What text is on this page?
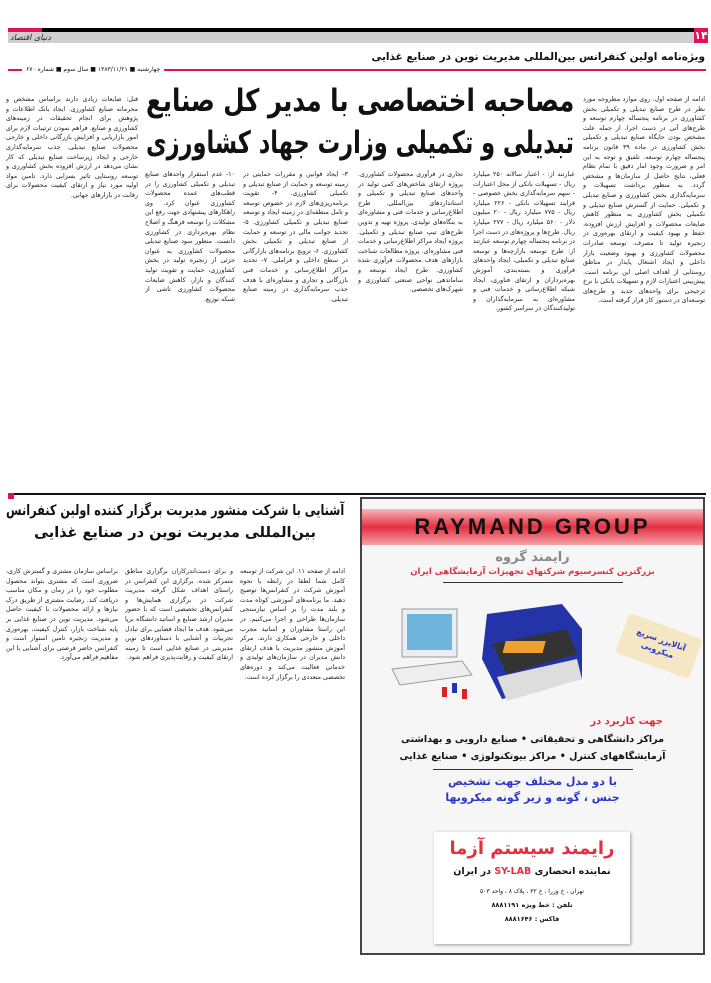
۱۴
دنیای اقتصاد
ویژه‌نامه اولین کنفرانس بین‌المللی مدیریت نوین در صنایع غذایی
چهارشنبه ■ ۱۳۸۳/۱۱/۲۱ ■ سال سوم ■ شماره ۶۷۰
مصاحبه اختصاصی با مدیر کل صنایع
تبدیلی و تکمیلی وزارت جهاد کشاورزی
ادامه از صفحه اول. روی موارد مطروحه مورد نظر در طرح صنایع تبدیلی و تکمیلی بخش کشاورزی در برنامه پنجساله چهارم توسعه و طرح‌های آتی در دست اجرا، از جمله علت مشخص بودن جایگاه صنایع تبدیلی و تکمیلی بخش کشاورزی در ماده ۳۹ قانون برنامه پنجساله چهارم توسعه. تلفیق و توجه به این امر و ضرورت وجود امار دقیق با تمام نظام فعلی، نتایج حاصل از سازمان‌ها و مشخص گردد. به منظور برداشت تسهیلات و سرمایه‌گذاری بخش کشاورزی و صنایع تبدیلی و تکمیلی. حمایت از گسترش صنایع تبدیلی و تکمیلی بخش کشاورزی به منظور کاهش ضایعات محصولات و افزایش ارزش افزوده، حفظ و بهبود کیفیت و ارتقای بهره‌وری در زنجیره تولید تا مصرف. توسعه صادرات محصولات کشاورزی و بهبود وضعیت بازار داخلی و ایجاد اشتغال پایدار در مناطق روستایی از اهداف اصلی این برنامه است. پیش‌بینی اعتبارات لازم و تسهیلات بانکی با نرخ ترجیحی برای واحدهای جدید و طرح‌های توسعه‌ای در دستور کار قرار گرفته است.
عبارتند از: - اعتبار سالانه ۲۵۰ میلیارد ریال - تسهیلات بانکی از محل اعتبارات - سهم سرمایه‌گذاری بخش خصوصی - فرایند تسهیلات بانکی - ۲۲۶ میلیارد ریال - ۷۷۵ میلیارد ریال - ۲۰ میلیون دلار - ۵۶۰ میلیارد ریال - ۲۷۷ میلیارد ریال. طرح‌ها و پروژه‌های در دست اجرا در برنامه پنجساله چهارم توسعه عبارتند از: طرح توسعه بازارچه‌ها و توسعه صنایع تبدیلی و تکمیلی، ایجاد واحدهای فرآوری و بسته‌بندی، آموزش بهره‌برداران و ارتقای فناوری، ایجاد شبکه اطلاع‌رسانی و خدمات فنی و مشاوره‌ای به سرمایه‌گذاران و تولیدکنندگان در سراسر کشور.
تجاری در فرآوری محصولات کشاورزی. پروژه ارتقای شاخص‌های کمی تولید در واحدهای صنایع تبدیلی و تکمیلی و استانداردهای بین‌المللی. طرح اطلاع‌رسانی و خدمات فنی و مشاوره‌ای به بنگاه‌های تولیدی. پروژه تهیه و تدوین طرح‌های تیپ صنایع تبدیلی و تکمیلی. پروژه ایجاد مراکز اطلاع‌رسانی و خدمات فنی مشاوره‌ای. پروژه مطالعات شناخت بازارهای هدف محصولات فرآوری شده کشاورزی. طرح ایجاد توسعه و ساماندهی نواحی صنعتی کشاورزی و شهرک‌های تخصصی.
۳- ایجاد قوانین و مقررات حمایتی در زمینه توسعه و حمایت از صنایع تبدیلی و تکمیلی کشاورزی. ۴- تقویت برنامه‌ریزی‌های لازم در خصوص توسعه و تامل منطقه‌ای در زمینه ایجاد و توسعه صنایع تبدیلی و تکمیلی کشاورزی. ۵- تجدید جوانب مالی در توسعه و حمایت از صنایع تبدیلی و تکمیلی بخش کشاورزی. ۶- ترویج برنامه‌های بازارگانی در سطح داخلی و فراملی. ۷- تجدید مراکز اطلاع‌رسانی و خدمات فنی بازرگانی و تجاری و مشاوره‌ای با هدف جذب سرمایه‌گذاری در زمینه صنایع تبدیلی.
۱۰- عدم استقرار واحدهای صنایع تبدیلی و تکمیلی کشاورزی را در قطب‌های عمده محصولات کشاورزی عنوان کرد. وی راهکارهای پیشنهادی جهت رفع این مشکلات را توسعه فرهنگ و اصلاح نظام بهره‌برداری در کشاورزی دانست. منطور سود صنایع تبدیلی محصولات کشاورزی به عنوان جزئی از زنجیره تولید در بخش کشاورزی، حمایت و تقویت تولید کنندگان و بازار، کاهش ضایعات محصولات کشاورزی ناشی از شبکه توزیع.
قبل: ضایعات زیادی دارند براساس مشخص و محرمانه صنایع کشاورزی. ایجاد بانک اطلاعات و پژوهش برای انجام تحقیقات در زمینه‌های کشاورزی و صنایع. فراهم نمودن ترتیبات لازم برای امور بازاریابی و افزایش بازرگانی داخلی و خارجی محصولات صنایع تبدیلی. جذب سرمایه‌گذاری خارجی و ایجاد زیرساخت صنایع تبدیلی که کار نشان می‌دهد در ارزش افزوده بخش کشاورزی و توسعه روستایی تاثیر بسزایی دارد. تامین مواد اولیه مورد نیاز و ارتقای کیفیت محصولات برای رقابت در بازارهای جهانی.
آشنایی با شرکت منشور مدیریت برگزار کننده اولین کنفرانس
بین‌المللی مدیریت نوین در صنایع غذایی
ادامه از صفحه ۱۱. این شرکت از توسعه کامل شما لطفا در رابطه با نحوه آموزش شرکت در کنفرانس‌ها توضیح دهید. ما برنامه‌های آموزشی کوتاه مدت و بلند مدت را بر اساس نیازسنجی سازمان‌ها طراحی و اجرا می‌کنیم. در این راستا مشاوران و اساتید مجرب داخلی و خارجی همکاری دارند. مرکز آموزش منشور مدیریت با هدف ارتقای دانش مدیران در سازمان‌های تولیدی و خدماتی فعالیت می‌کند و دوره‌های تخصصی متعددی را برگزار کرده است.
و برای دست‌اندرکاران برگزاری مناطق متمرکز شده. برگزاری این کنفرانس در راستای اهداف شکل گرفته مدیریت شرکت در برگزاری همایش‌ها و کنفرانس‌های تخصصی است که با حضور مدیران ارشد صنایع و اساتید دانشگاه برپا می‌شود. هدف ما ایجاد فضایی برای تبادل تجربیات و آشنایی با دستاوردهای نوین مدیریتی در صنایع غذایی است تا زمینه ارتقای کیفیت و رقابت‌پذیری فراهم شود.
براساس سازمان مشتری و گسترش کاری، ضروری است که مشتری بتواند محصول مطلوب خود را در زمان و مکان مناسب دریافت کند. رضایت مشتری از طریق درک نیازها و ارائه محصولات با کیفیت حاصل می‌شود. مدیریت نوین در صنایع غذایی بر پایه شناخت بازار، کنترل کیفیت، بهره‌وری و مدیریت زنجیره تامین استوار است و کنفرانس حاضر فرصتی برای آشنایی با این مفاهیم فراهم می‌آورد.
RAYMAND GROUP
رایمند گروه
بزرگترین کنسرسیوم شرکتهای تجهیزات آزمایشگاهی ایران
آنالایزر سریع میکروبی
جهت کاربرد در
مراکز دانشگاهی و تحقیقاتی • صنایع دارویی و بهداشتی
آزمایشگاههای کنترل • مراکز بیوتکنولوژی • صنایع غذایی
با دو مدل مختلف جهت تشخیص
جنس ، گونه و زیر گونه میکروبها
رایمند سیستم آزما
نماینده انحصاری SY-LAB در ایران
تهران ، خ وزرا ، خ ۳۲ ، پلاک ۸ ، واحد ۵۰۳
تلفن : خط ویژه ۸۸۸۱۱۹۱
فاکس : ۸۸۸۱۶۴۶
